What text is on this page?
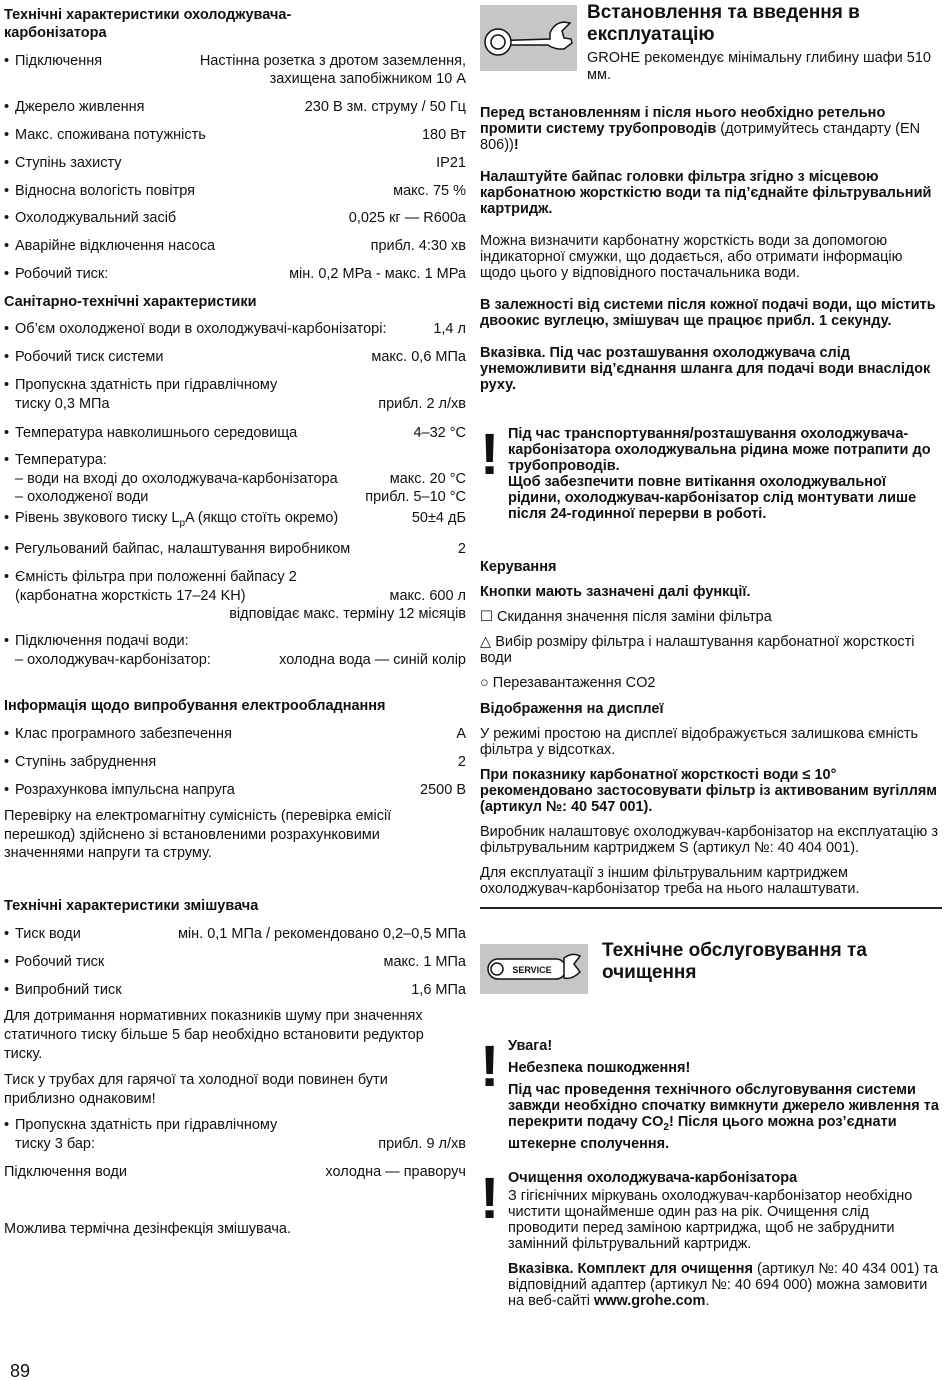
Технічні характеристики охолоджувача-карбонізатора
• Підключення	Настінна розетка з дротом заземлення, захищена запобіжником 10 А
• Джерело живлення	230 В зм. струму / 50 Гц
• Макс. споживана потужність	180 Вт
• Ступінь захисту	IP21
• Відносна вологість повітря	макс. 75 %
• Охолоджувальний засіб	0,025 кг — R600a
• Аварійне відключення насоса	прибл. 4:30 хв
• Робочий тиск:	мін. 0,2 МРа - макс. 1 МРа
Санітарно-технічні характеристики
• Об’єм охолодженої води в охолоджувачі-карбонізаторі:	1,4 л
• Робочий тиск системи	макс. 0,6 МПа
• Пропускна здатність при гідравлічному
тиску 0,3 МПа	прибл. 2 л/хв
• Температура навколишнього середовища	4–32 °C
• Температура:
– води на вході до охолоджувача-карбонізатора	макс. 20 °C
– охолодженої води	прибл. 5–10 °C
• Рівень звукового тиску $L_pA$ (якщо стоїть окремо)	50±4 дБ
• Регульований байпас, налаштування виробником	2
• Ємність фільтра при положенні байпасу 2
(карбонатна жорсткість 17–24 KH)	макс. 600 л
відповідає макс. терміну 12 місяців
• Підключення подачі води:
– охолоджувач-карбонізатор:	холодна вода — синій колір
Інформація щодо випробування електрообладнання
• Клас програмного забезпечення	A
• Ступінь забруднення	2
• Розрахункова імпульсна напруга	2500 В

Перевірку на електромагнітну сумісність (перевірка емісії перешкод) здійснено зі встановленими розрахунковими значеннями напруги та струму.

Технічні характеристики змішувача
• Тиск води	мін. 0,1 МПа / рекомендовано 0,2–0,5 МПа
• Робочий тиск	макс. 1 МПа
• Випробний тиск	1,6 МПа

Для дотримання нормативних показників шуму при значеннях статичного тиску більше 5 бар необхідно встановити редуктор тиску.

Тиск у трубах для гарячої та холодної води повинен бути приблизно однаковим!

• Пропускна здатність при гідравлічному
тиску 3 бар:	прибл. 9 л/хв
Підключення води	холодна — праворуч

Можлива термічна дезінфекція змішувача.

89
Встановлення та введення в експлуатацію

GROHE рекомендує мінімальну глибину шафи 510 мм.

Перед встановленням і після нього необхідно ретельно промити систему трубопроводів (дотримуйтесь стандарту (EN 806))!

Налаштуйте байпас головки фільтра згідно з місцевою карбонатною жорсткістю води та під’єднайте фільтрувальний картридж.

Можна визначити карбонатну жорсткість води за допомогою індикаторної смужки, що додається, або отримати інформацію щодо цього у відповідного постачальника води.

В залежності від системи після кожної подачі води, що містить двоокис вуглецю, змішувач ще працює прибл. 1 секунду.

Вказівка. Під час розташування охолоджувача слід унеможливити від’єднання шланга для подачі води внаслідок руху.

! Під час транспортування/розташування охолоджувача-карбонізатора охолоджувальна рідина може потрапити до трубопроводів.

Щоб забезпечити повне витікання охолоджувальної рідини, охолоджувач-карбонізатор слід монтувати лише після 24-годинної перерви в роботі.

Керування

Кнопки мають зазначені далі функції.

☐ Скидання значення після заміни фільтра

△ Вибір розміру фільтра і налаштування карбонатної жорсткості води

○ Перезавантаження CO2

Відображення на дисплеї

У режимі простою на дисплеї відображується залишкова ємність фільтра у відсотках.

При показнику карбонатної жорсткості води ≤ 10° рекомендовано застосовувати фільтр із активованим вугіллям (артикул №: 40 547 001).

Виробник налаштовує охолоджувач-карбонізатор на експлуатацію з фільтрувальним картриджем S (артикул №: 40 404 001).

Для експлуатації з іншим фільтрувальним картриджем охолоджувач-карбонізатор треба на нього налаштувати.

SERVICE
Технічне обслуговування та очищення
! Увага!

Небезпека пошкодження!

Під час проведення технічного обслуговування системи завжди необхідно спочатку вимкнути джерело живлення та перекрити подачу $CO_2$! Після цього можна роз’єднати штекерне сполучення.

! Очищення охолоджувача-карбонізатора

З гігієнічних міркувань охолоджувач-карбонізатор необхідно чистити щонайменше один раз на рік. Очищення слід проводити перед заміною картриджа, щоб не забруднити замінний фільтрувальний картридж.

Вказівка. Комплект для очищення (артикул №: 40 434 001) та відповідний адаптер (артикул №: 40 694 000) можна замовити на веб-сайті www.grohe.com.
